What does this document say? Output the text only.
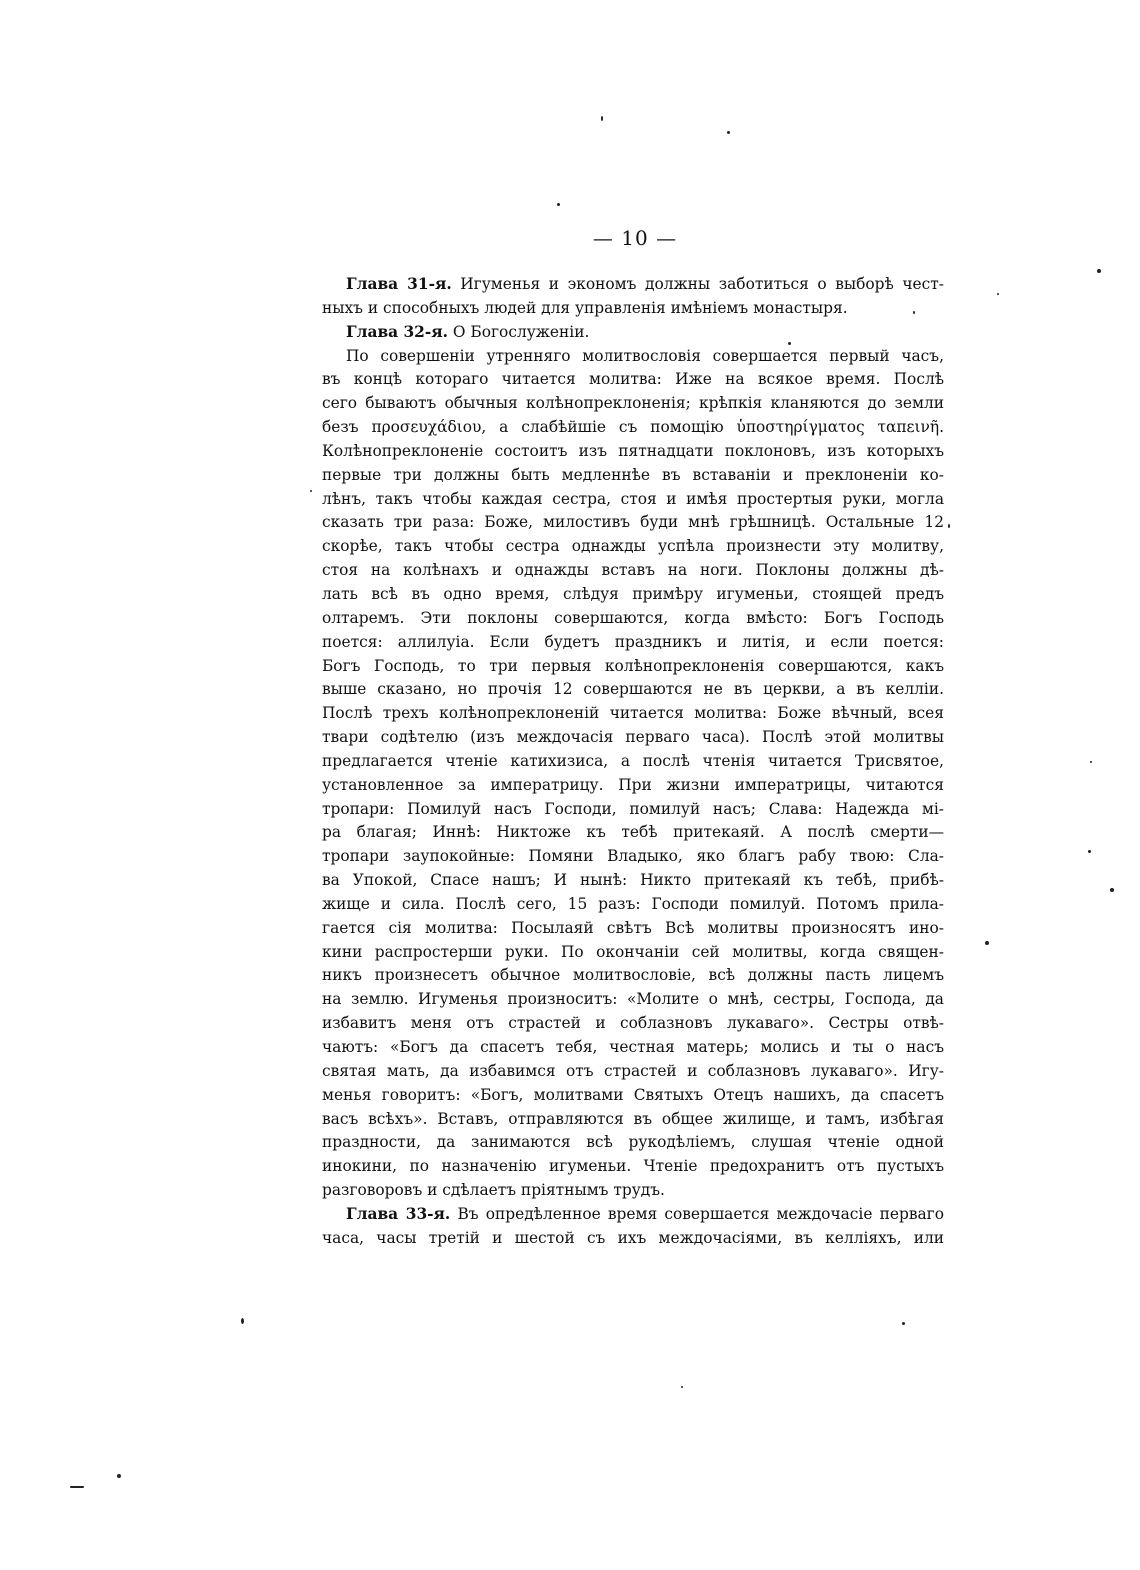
— 10 —
Глава 31-я. Игуменья и экономъ должны заботиться о выборѣ чест-
ныхъ и способныхъ людей для управленія имѣніемъ монастыря.
Глава 32-я. О Богослуженіи.
По совершеніи утренняго молитвословія совершается первый часъ,
въ концѣ котораго читается молитва: Иже на всякое время. Послѣ
сего бываютъ обычныя колѣнопреклоненія; крѣпкія кланяются до земли
безъ προσευχάδιου, а слабѣйшіе съ помощію ὑποστηρίγματος ταπεινῆ.
Колѣнопреклоненіе состоитъ изъ пятнадцати поклоновъ, изъ которыхъ
первые три должны быть медленнѣе въ вставаніи и преклоненіи ко-
лѣнъ, такъ чтобы каждая сестра, стоя и имѣя простертыя руки, могла
сказать три раза: Боже, милостивъ буди мнѣ грѣшницѣ. Остальные 12
скорѣе, такъ чтобы сестра однажды успѣла произнести эту молитву,
стоя на колѣнахъ и однажды вставъ на ноги. Поклоны должны дѣ-
лать всѣ въ одно время, слѣдуя примѣру игуменьи, стоящей предъ
олтаремъ. Эти поклоны совершаются, когда вмѣсто: Богъ Господь
поется: аллилуіа. Если будетъ праздникъ и литія, и если поется:
Богъ Господь, то три первыя колѣнопреклоненія совершаются, какъ
выше сказано, но прочія 12 совершаются не въ церкви, а въ келліи.
Послѣ трехъ колѣнопреклоненій читается молитва: Боже вѣчный, всея
твари содѣтелю (изъ междочасія перваго часа). Послѣ этой молитвы
предлагается чтеніе катихизиса, а послѣ чтенія читается Трисвятое,
установленное за императрицу. При жизни императрицы, читаются
тропари: Помилуй насъ Господи, помилуй насъ; Слава: Надежда мі-
ра благая; Иннѣ: Никтоже къ тебѣ притекаяй. А послѣ смерти—
тропари заупокойные: Помяни Владыко, яко благъ рабу твою: Сла-
ва Упокой, Спасе нашъ; И нынѣ: Никто притекаяй къ тебѣ, прибѣ-
жище и сила. Послѣ сего, 15 разъ: Господи помилуй. Потомъ прила-
гается сія молитва: Посылаяй свѣтъ Всѣ молитвы произносятъ ино-
кини распростерши руки. По окончаніи сей молитвы, когда священ-
никъ произнесетъ обычное молитвословіе, всѣ должны пасть лицемъ
на землю. Игуменья произноситъ: «Молите о мнѣ, сестры, Господа, да
избавитъ меня отъ страстей и соблазновъ лукаваго». Сестры отвѣ-
чаютъ: «Богъ да спасетъ тебя, честная матерь; молись и ты о насъ
святая мать, да избавимся отъ страстей и соблазновъ лукаваго». Игу-
менья говоритъ: «Богъ, молитвами Святыхъ Отецъ нашихъ, да спасетъ
васъ всѣхъ». Вставъ, отправляются въ общее жилище, и тамъ, избѣгая
праздности, да занимаются всѣ рукодѣліемъ, слушая чтеніе одной
инокини, по назначенію игуменьи. Чтеніе предохранитъ отъ пустыхъ
разговоровъ и сдѣлаетъ пріятнымъ трудъ.
Глава 33-я. Въ опредѣленное время совершается междочасіе перваго
часа, часы третій и шестой съ ихъ междочасіями, въ келліяхъ, или
